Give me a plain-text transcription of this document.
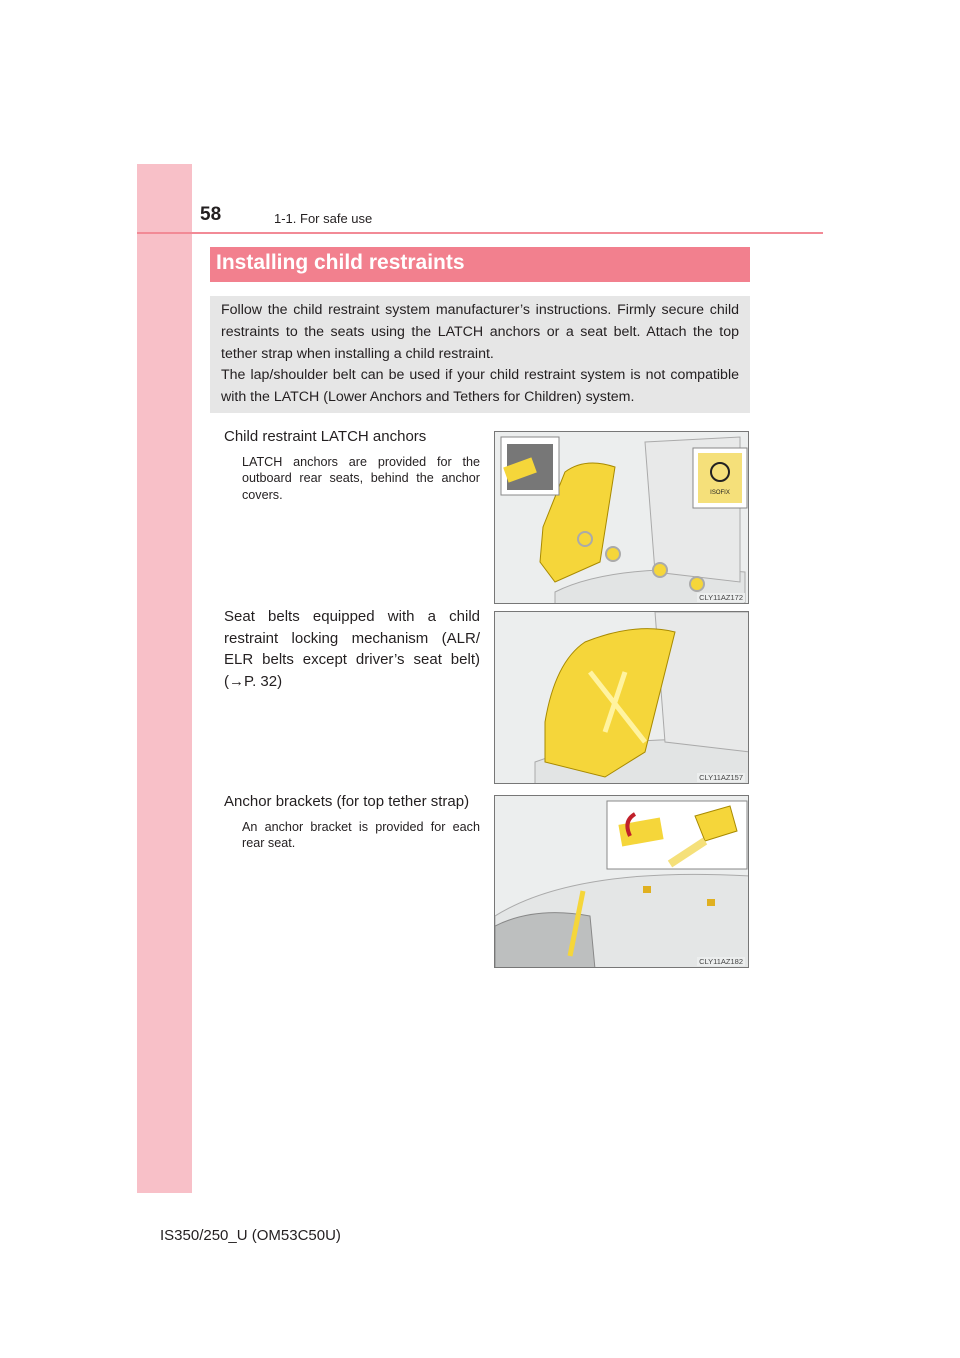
58	1-1. For safe use
Installing child restraints
Follow the child restraint system manufacturer’s instructions. Firmly secure child restraints to the seats using the LATCH anchors or a seat belt. Attach the top tether strap when installing a child restraint.
The lap/shoulder belt can be used if your child restraint system is not compatible with the LATCH (Lower Anchors and Tethers for Children) system.
Child restraint LATCH anchors
LATCH anchors are provided for the outboard rear seats, behind the anchor covers.
Seat belts equipped with a child restraint locking mechanism (ALR/ ELR belts except driver’s seat belt) (→P. 32)
Anchor brackets (for top tether strap)
An anchor bracket is provided for each rear seat.
ISOFIX
CLY11AZ172
CLY11AZ157
CLY11AZ182
IS350/250_U (OM53C50U)
